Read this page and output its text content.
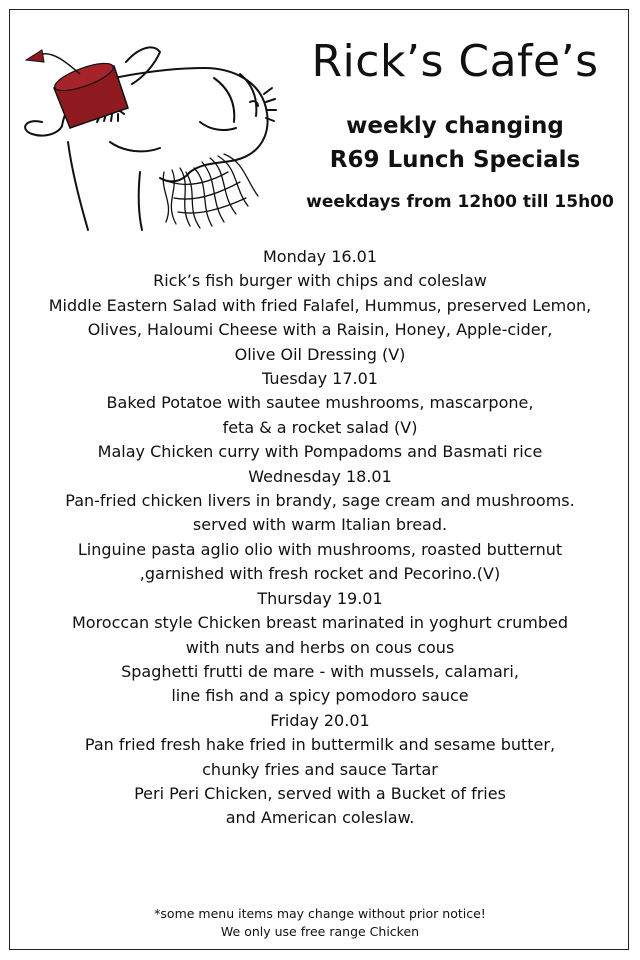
Rick’s Cafe’s
weekly changing
R69 Lunch Specials
weekdays from 12h00 till 15h00
Monday 16.01
Rick’s fish burger with chips and coleslaw
Middle Eastern Salad with fried Falafel, Hummus, preserved Lemon,
Olives, Haloumi Cheese with a Raisin, Honey, Apple-cider,
Olive Oil Dressing (V)
Tuesday 17.01
Baked Potatoe with sautee mushrooms, mascarpone,
feta & a rocket salad (V)
Malay Chicken curry with Pompadoms and Basmati rice
Wednesday 18.01
Pan-fried chicken livers in brandy, sage cream and mushrooms.
served with warm Italian bread.
Linguine pasta aglio olio with mushrooms, roasted butternut
,garnished with fresh rocket and Pecorino.(V)
Thursday 19.01
Moroccan style Chicken breast marinated in yoghurt crumbed
with nuts and herbs on cous cous
Spaghetti frutti de mare - with mussels, calamari,
line fish and a spicy pomodoro sauce
Friday 20.01
Pan fried fresh hake fried in buttermilk and sesame butter,
chunky fries and sauce Tartar
Peri Peri Chicken, served with a Bucket of fries
and American coleslaw.
*some menu items may change without prior notice!
We only use free range Chicken
